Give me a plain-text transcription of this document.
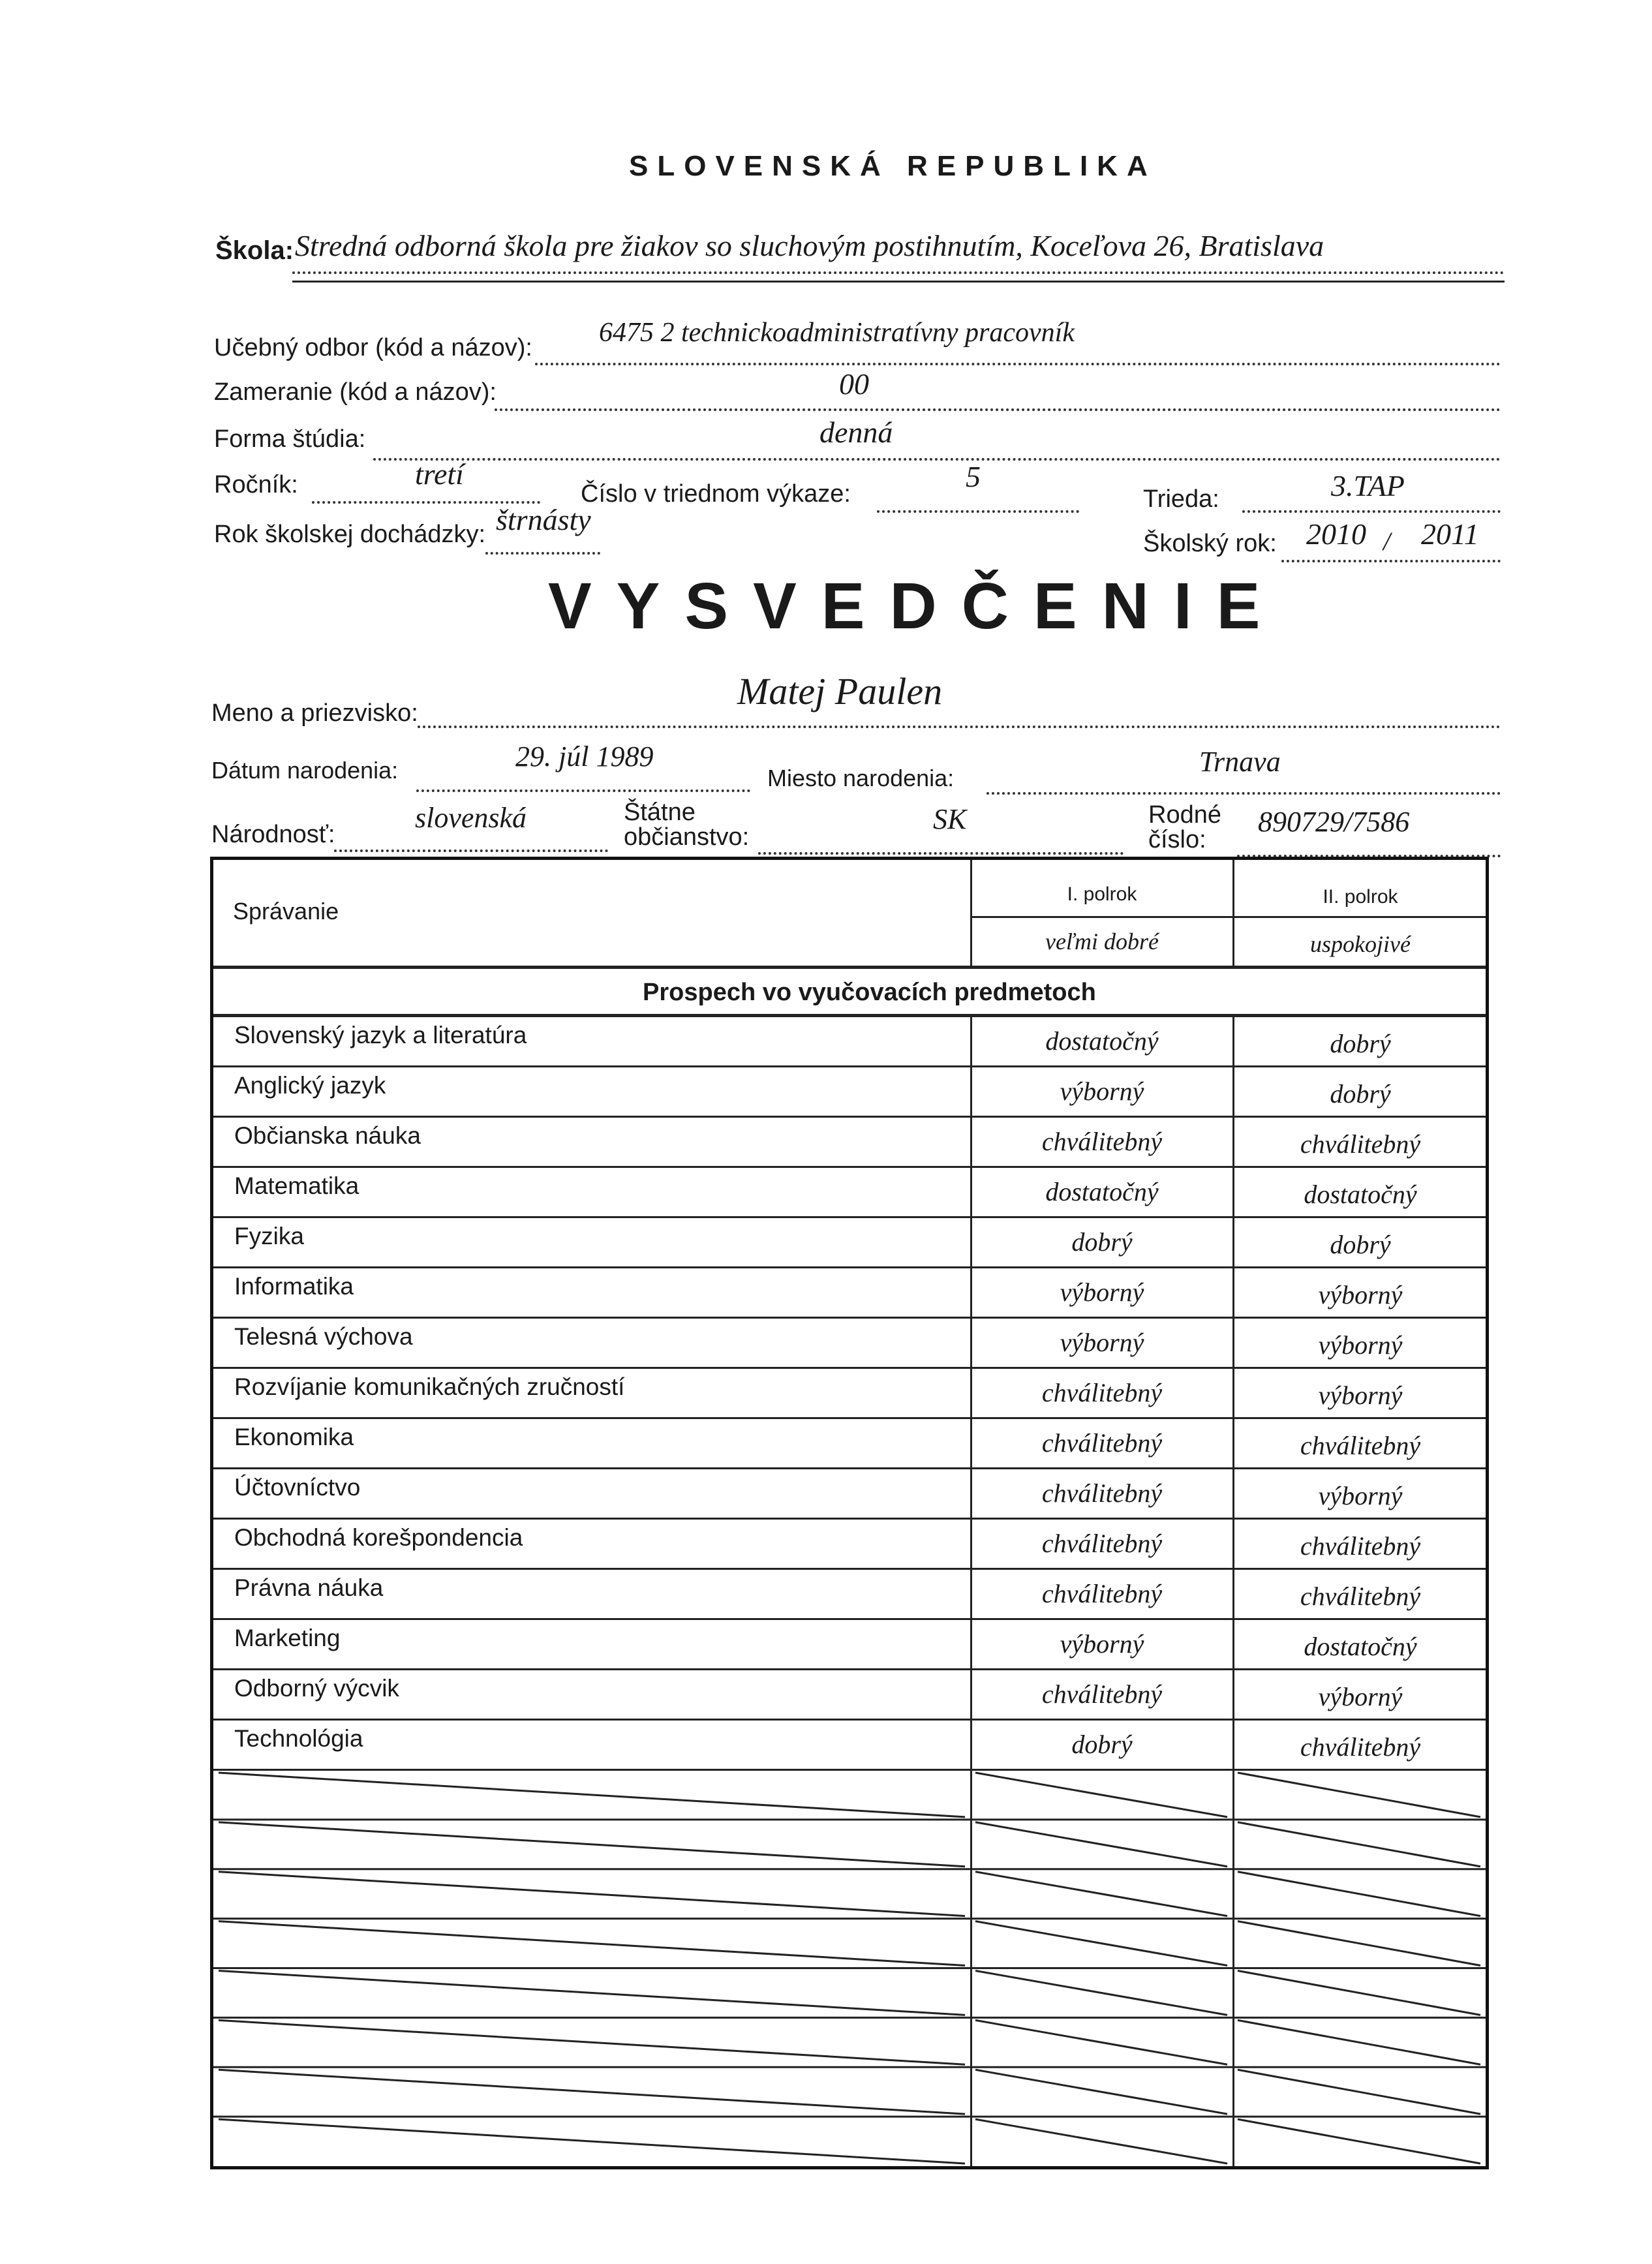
SLOVENSKÁ REPUBLIKA
Škola: Stredná odborná škola pre žiakov so sluchovým postihnutím, Koceľova 26, Bratislava
Učebný odbor (kód a názov): 6475 2 technickoadministratívny pracovník
Zameranie (kód a názov):	00
Forma štúdia:	denná
Ročník:	tretí
Číslo v triednom výkaze:
5
Trieda:	3.TAP
Rok školskej dochádzky: štrnásty
Školský rok: 2010 / 2011
VYSVEDČENIE
Meno a priezvisko:
Matej Paulen
Dátum narodenia:	29. júl 1989
Miesto narodenia:
Trnava
Národnosť:
slovenská	Štátne
občianstvo:
SK	Rodné
číslo:
890729/7586
Správanie
I. polrok	II. polrok
veľmi dobré	uspokojivé
Prospech vo vyučovacích predmetoch
Slovenský jazyk a literatúra	dostatočný	dobrý
Anglický jazyk	výborný	dobrý
Občianska náuka	chválitebný	chválitebný
Matematika	dostatočný	dostatočný
Fyzika	dobrý	dobrý
Informatika	výborný	výborný
Telesná výchova	výborný	výborný
Rozvíjanie komunikačných zručností	chválitebný	výborný
Ekonomika	chválitebný	chválitebný
Účtovníctvo	chválitebný	výborný
Obchodná korešpondencia	chválitebný	chválitebný
Právna náuka	chválitebný	chválitebný
Marketing	výborný	dostatočný
Odborný výcvik	chválitebný	výborný
Technológia	dobrý	chválitebný
